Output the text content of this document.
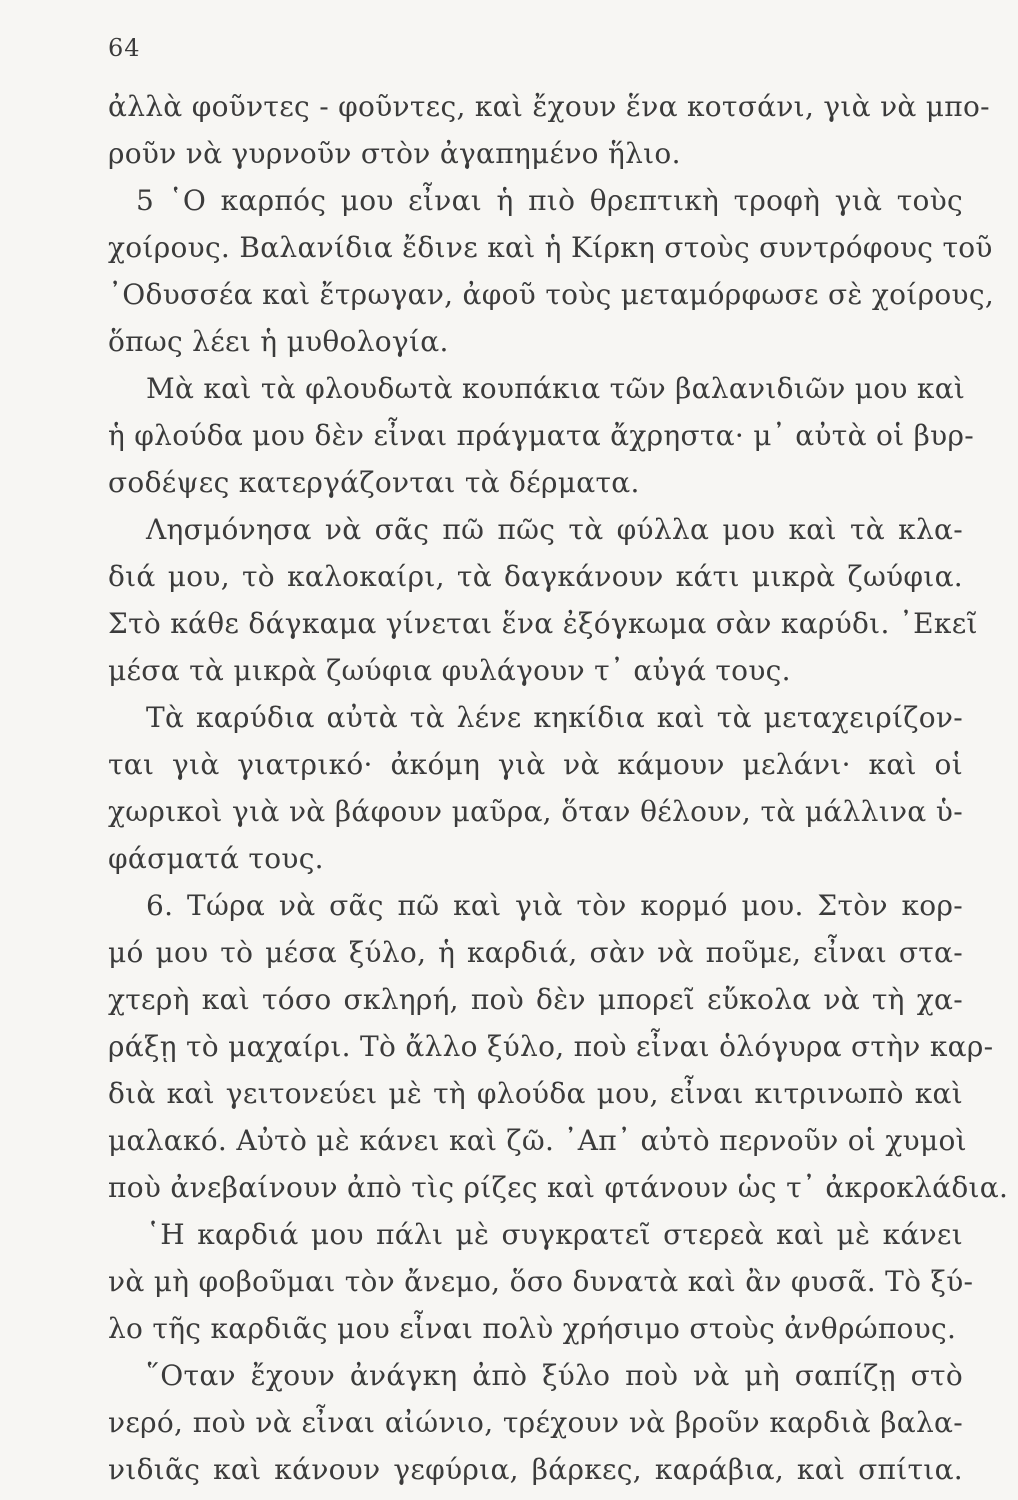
64
ἀλλὰ φοῦντες - φοῦντες, καὶ ἔχουν ἕνα κοτσάνι, γιὰ νὰ μπο-
ροῦν νὰ γυρνοῦν στὸν ἀγαπημένο ἥλιο.
5 ῾Ο καρπός μου εἶναι ἡ πιὸ θρεπτικὴ τροφὴ γιὰ τοὺς
χοίρους. Βαλανίδια ἔδινε καὶ ἡ Κίρκη στοὺς συντρόφους τοῦ
᾿Οδυσσέα καὶ ἔτρωγαν, ἀφοῦ τοὺς μεταμόρφωσε σὲ χοίρους,
ὅπως λέει ἡ μυθολογία.
Μὰ καὶ τὰ φλουδωτὰ κουπάκια τῶν βαλανιδιῶν μου καὶ
ἡ φλούδα μου δὲν εἶναι πράγματα ἄχρηστα· μ᾿ αὐτὰ οἱ βυρ-
σοδέψες κατεργάζονται τὰ δέρματα.
Λησμόνησα νὰ σᾶς πῶ πῶς τὰ φύλλα μου καὶ τὰ κλα-
διά μου, τὸ καλοκαίρι, τὰ δαγκάνουν κάτι μικρὰ ζωύφια.
Στὸ κάθε δάγκαμα γίνεται ἕνα ἐξόγκωμα σὰν καρύδι. ᾿Εκεῖ
μέσα τὰ μικρὰ ζωύφια φυλάγουν τ᾿ αὐγά τους.
Τὰ καρύδια αὐτὰ τὰ λένε κηκίδια καὶ τὰ μεταχειρίζον-
ται γιὰ γιατρικό· ἀκόμη γιὰ νὰ κάμουν μελάνι· καὶ οἱ
χωρικοὶ γιὰ νὰ βάφουν μαῦρα, ὅταν θέλουν, τὰ μάλλινα ὑ-
φάσματά τους.
6. Τώρα νὰ σᾶς πῶ καὶ γιὰ τὸν κορμό μου. Στὸν κορ-
μό μου τὸ μέσα ξύλο, ἡ καρδιά, σὰν νὰ ποῦμε, εἶναι στα-
χτερὴ καὶ τόσο σκληρή, ποὺ δὲν μπορεῖ εὔκολα νὰ τὴ χα-
ράξῃ τὸ μαχαίρι. Τὸ ἄλλο ξύλο, ποὺ εἶναι ὁλόγυρα στὴν καρ-
διὰ καὶ γειτονεύει μὲ τὴ φλούδα μου, εἶναι κιτρινωπὸ καὶ
μαλακό. Αὐτὸ μὲ κάνει καὶ ζῶ. ᾿Απ᾿ αὐτὸ περνοῦν οἱ χυμοὶ
ποὺ ἀνεβαίνουν ἀπὸ τὶς ρίζες καὶ φτάνουν ὡς τ᾿ ἀκροκλάδια.
῾Η καρδιά μου πάλι μὲ συγκρατεῖ στερεὰ καὶ μὲ κάνει
νὰ μὴ φοβοῦμαι τὸν ἄνεμο, ὅσο δυνατὰ καὶ ἂν φυσᾶ. Τὸ ξύ-
λο τῆς καρδιᾶς μου εἶναι πολὺ χρήσιμο στοὺς ἀνθρώπους.
῞Οταν ἔχουν ἀνάγκη ἀπὸ ξύλο ποὺ νὰ μὴ σαπίζῃ στὸ
νερό, ποὺ νὰ εἶναι αἰώνιο, τρέχουν νὰ βροῦν καρδιὰ βαλα-
νιδιᾶς καὶ κάνουν γεφύρια, βάρκες, καράβια, καὶ σπίτια.
